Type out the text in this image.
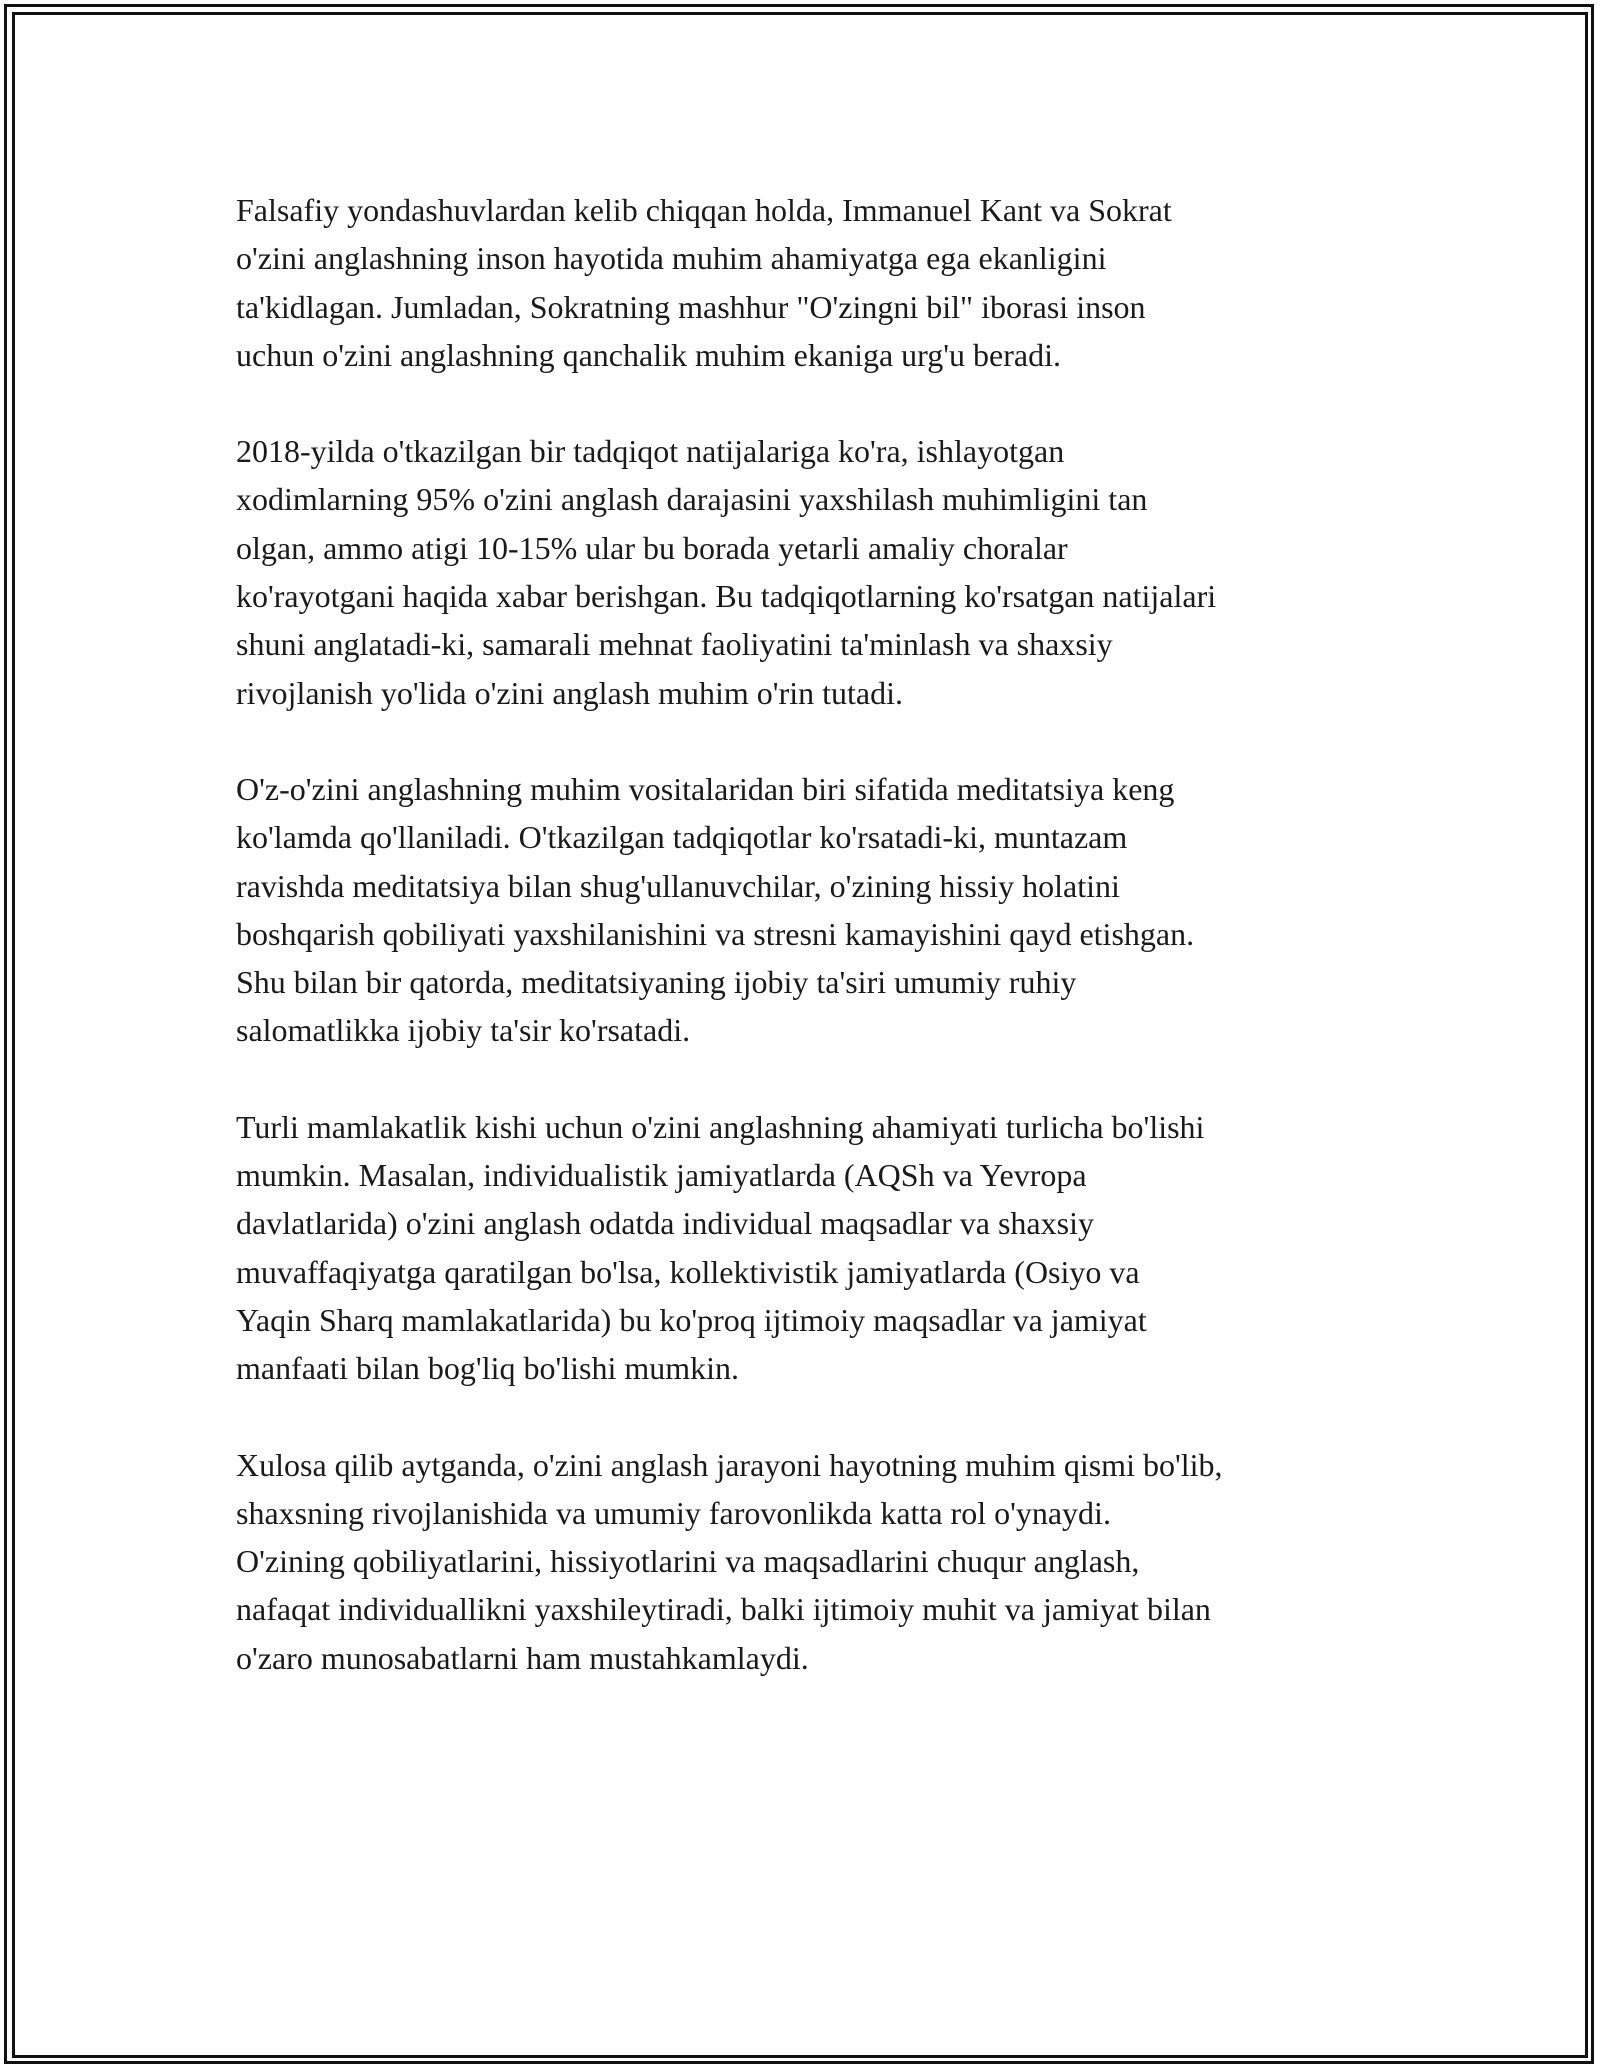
Falsafiy yondashuvlardan kelib chiqqan holda, Immanuel Kant va Sokrat
o'zini anglashning inson hayotida muhim ahamiyatga ega ekanligini
ta'kidlagan. Jumladan, Sokratning mashhur "O'zingni bil" iborasi inson
uchun o'zini anglashning qanchalik muhim ekaniga urg'u beradi.

2018-yilda o'tkazilgan bir tadqiqot natijalariga ko'ra, ishlayotgan
xodimlarning 95% o'zini anglash darajasini yaxshilash muhimligini tan
olgan, ammo atigi 10-15% ular bu borada yetarli amaliy choralar
ko'rayotgani haqida xabar berishgan. Bu tadqiqotlarning ko'rsatgan natijalari
shuni anglatadi-ki, samarali mehnat faoliyatini ta'minlash va shaxsiy
rivojlanish yo'lida o'zini anglash muhim o'rin tutadi.

O'z-o'zini anglashning muhim vositalaridan biri sifatida meditatsiya keng
ko'lamda qo'llaniladi. O'tkazilgan tadqiqotlar ko'rsatadi-ki, muntazam
ravishda meditatsiya bilan shug'ullanuvchilar, o'zining hissiy holatini
boshqarish qobiliyati yaxshilanishini va stresni kamayishini qayd etishgan.
Shu bilan bir qatorda, meditatsiyaning ijobiy ta'siri umumiy ruhiy
salomatlikka ijobiy ta'sir ko'rsatadi.

Turli mamlakatlik kishi uchun o'zini anglashning ahamiyati turlicha bo'lishi
mumkin. Masalan, individualistik jamiyatlarda (AQSh va Yevropa
davlatlarida) o'zini anglash odatda individual maqsadlar va shaxsiy
muvaffaqiyatga qaratilgan bo'lsa, kollektivistik jamiyatlarda (Osiyo va
Yaqin Sharq mamlakatlarida) bu ko'proq ijtimoiy maqsadlar va jamiyat
manfaati bilan bog'liq bo'lishi mumkin.

Xulosa qilib aytganda, o'zini anglash jarayoni hayotning muhim qismi bo'lib,
shaxsning rivojlanishida va umumiy farovonlikda katta rol o'ynaydi.
O'zining qobiliyatlarini, hissiyotlarini va maqsadlarini chuqur anglash,
nafaqat individuallikni yaxshileytiradi, balki ijtimoiy muhit va jamiyat bilan
o'zaro munosabatlarni ham mustahkamlaydi.
